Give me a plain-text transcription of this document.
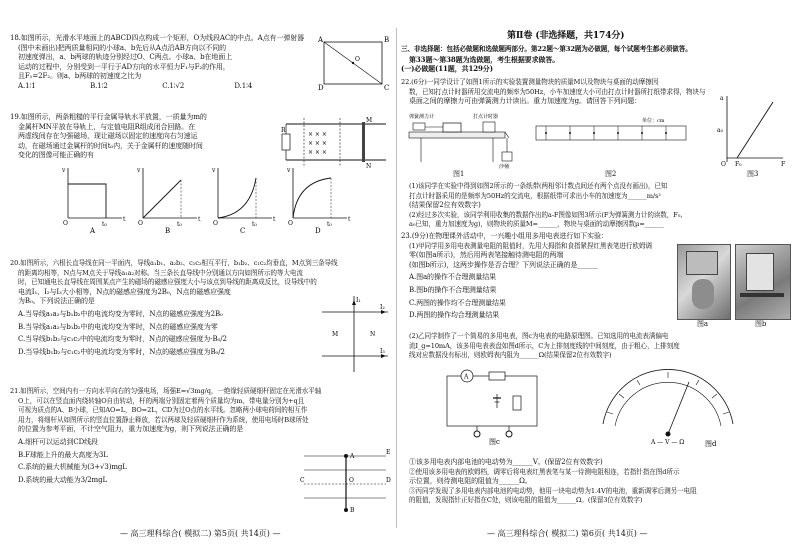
18.如图所示，光滑水平地面上的ABCD四点构成一个矩形，O为线段AC的中点。A点有一弹射器

(图中未画出)把两质量相同的小球a、b先后从A点沿AB方向以不同的

初速度弹出，a、b两球的轨迹分别经过O、C两点。小球a、b在地面上

运动的过程中，分别受到一平行于AD方向的水平恒力F₁与F₂的作用，

且F₁=2F₂。则a、b两球的初速度之比为

A.1∶1	B.1∶2	C.1∶√2	D.1∶4

A	B
C
D
O

19.如图所示，两条粗糙的平行金属导轨水平放置，一质量为m的

金属杆MN平放在导轨上，与定值电阻R组成闭合回路。在

两虚线间存在匀强磁场，现让磁场以固定的速度向右匀速运

动，在磁场通过金属杆的时间t₀内，关于金属杆的速度随时间

变化的图像可能正确的有

R
× × ×
× × ×
× × ×
M
N
v
t
O	t₀
A
v
t
O	t₀
B
v
t
O	t₀
C
v
t
O	t₀
D

20.如图所示，六根长直导线在同一平面内，导线a₁b₁、a₂b₂、c₁c₂相互平行，b₁b₂、c₁c₂均垂直，M点到三条导线

的距离均相等，N点与M点关于导线a₁a₂对称。当三条长直导线中分别通以方向如图所示的等大电流

时，已知通电长直导线在周围某点产生的磁场的磁感应强度大小与该点到导线的距离成反比，设导线中的

电流I₁、I₂与I₃大小相等，N点的磁感应强度为2B₀，N点的磁感应强度

为B₀。下列说法正确的是

A.当导线a₁a₂与b₁b₂中的电流均变为零时，N点的磁感应强度为2B₀

B.当导线a₁a₂与b₁b₂中的电流均变为零时，N点的磁感应强度为零

C.当导线b₁b₂与c₁c₂中的电流均变为零时，N点的磁感应强度为-B₀/2

D.当导线b₁b₂与c₁c₂中的电流均变为零时，N点的磁感应强度为B₀/2

M	N
I₁
I₂
I₃

21.如图所示，空间内有一方向水平向右的匀强电场，场强E=√3mg/q，一绝缘轻质硬细杆固定在光滑水平轴

O上，可以在竖直面内绕转轴O自由转动，杆的两端分别固定着两个质量均为m，带电量分别为+q且

可视为质点的A、B小球，已知AO=L，BO=2L，CD为过O点的水平线。忽略两小球电荷间的相互作

用力，将细杆从如图所示的竖直位置静止释放，若以两球及轻质硬细杆作为系统，使用电场时B球所处

的位置为参考平面，不计空气阻力，重力加速度为g，则下列说法正确的是

A.细杆可以运动到CD线段

B.F球能上升的最大高度为3L

C.系统的最大机械能为(3+√3)mgL

D.系统的最大动能为3/2mgL	C	D
O
E
A
B
— 高三理科综合( 模拟二) 第5页( 共14页) —
第Ⅱ卷 (非选择题，共174分)

三、非选择题：包括必做题和选做题两部分。第22题～第32题为必做题，每个试题考生都必须做答。

第33题～第38题为选做题，考生根据要求做答。

(一)必做题(11题，共129分)

22.(6分)一同学设计了如图1所示的实验装置测量物块的质量M以及物块与桌面的动摩擦因

数，已知打点计时器所用交流电的频率为50Hz，小车加速度大小可由打点计时器所打纸带求得，物块与

桌面之间的摩擦力可由弹簧测力计读出。重力加速度为g。请回答下列问题：

弹簧测力计	打点计时器
沙桶
单位：cm
a
F
O F₀
a₀
图1	图2	图3

(1)该同学在实验中得到如图2所示的一条纸带(两相邻计数点间还有两个点没有画出)，已知

打点计时器采用的是频率为50Hz的交流电，根据纸带可求出小车的加速度为______m/s²

(结果保留2位有效数字)

(2)经过多次实验，该同学利用收集的数据作出的a-F图像如图3所示(F为弹簧测力计的读数，F₀、

a₀已知，重力加速度为g)，则物块的质量M=______，物块与桌面的动摩擦因数μ=______

23.(9分)在物理课外活动中，一兴趣小组用多用电表进行如下实验：

(1)甲同学用多用电表测量电阻的阻值时，先用大拇指和食指紧捏红黑表笔进行欧姆调

零(如图a所示)，然后用两表笔接触待测电阻的两端

(如图b所示)，这两步操作是否合理？下列说法正确的是______

A.图a的操作不合理测量结果

B.图b的操作不合理测量结果

C.两图的操作均不合理测量结果

D.两图的操作均合理测量结果

图a	图b

(2)乙同学制作了一个简易的多用电表，图c为电表的电路原理图。已知选用的电流表满偏电

流I_g=10mA，该多用电表表盘如图d所示，C为上排刻度线的中间刻度，由于粗心，上排刻度

线对应数据没有标出，则欧姆表内阻为______Ω(结果保留2位有效数字)

A
图c	A — V — Ω	图d

①该多用电表内部电池的电动势为______V。(保留2位有效数字)

②使用该多用电表的欧姆档，调零后将电表红黑表笔与某一待测电阻相连，若指针指在图d所示

示位置，则待测电阻的阻值为______Ω。

③丙同学发现了多用电表内部电池的电动势，他用一块电动势为1.4V的电池，重新调零后测另一电阻

的阻值，发现指针正好指在C处，则该电阻的阻值为______Ω。(保留3位有效数字)

— 高三理科综合( 模拟二) 第6页( 共14页) —
